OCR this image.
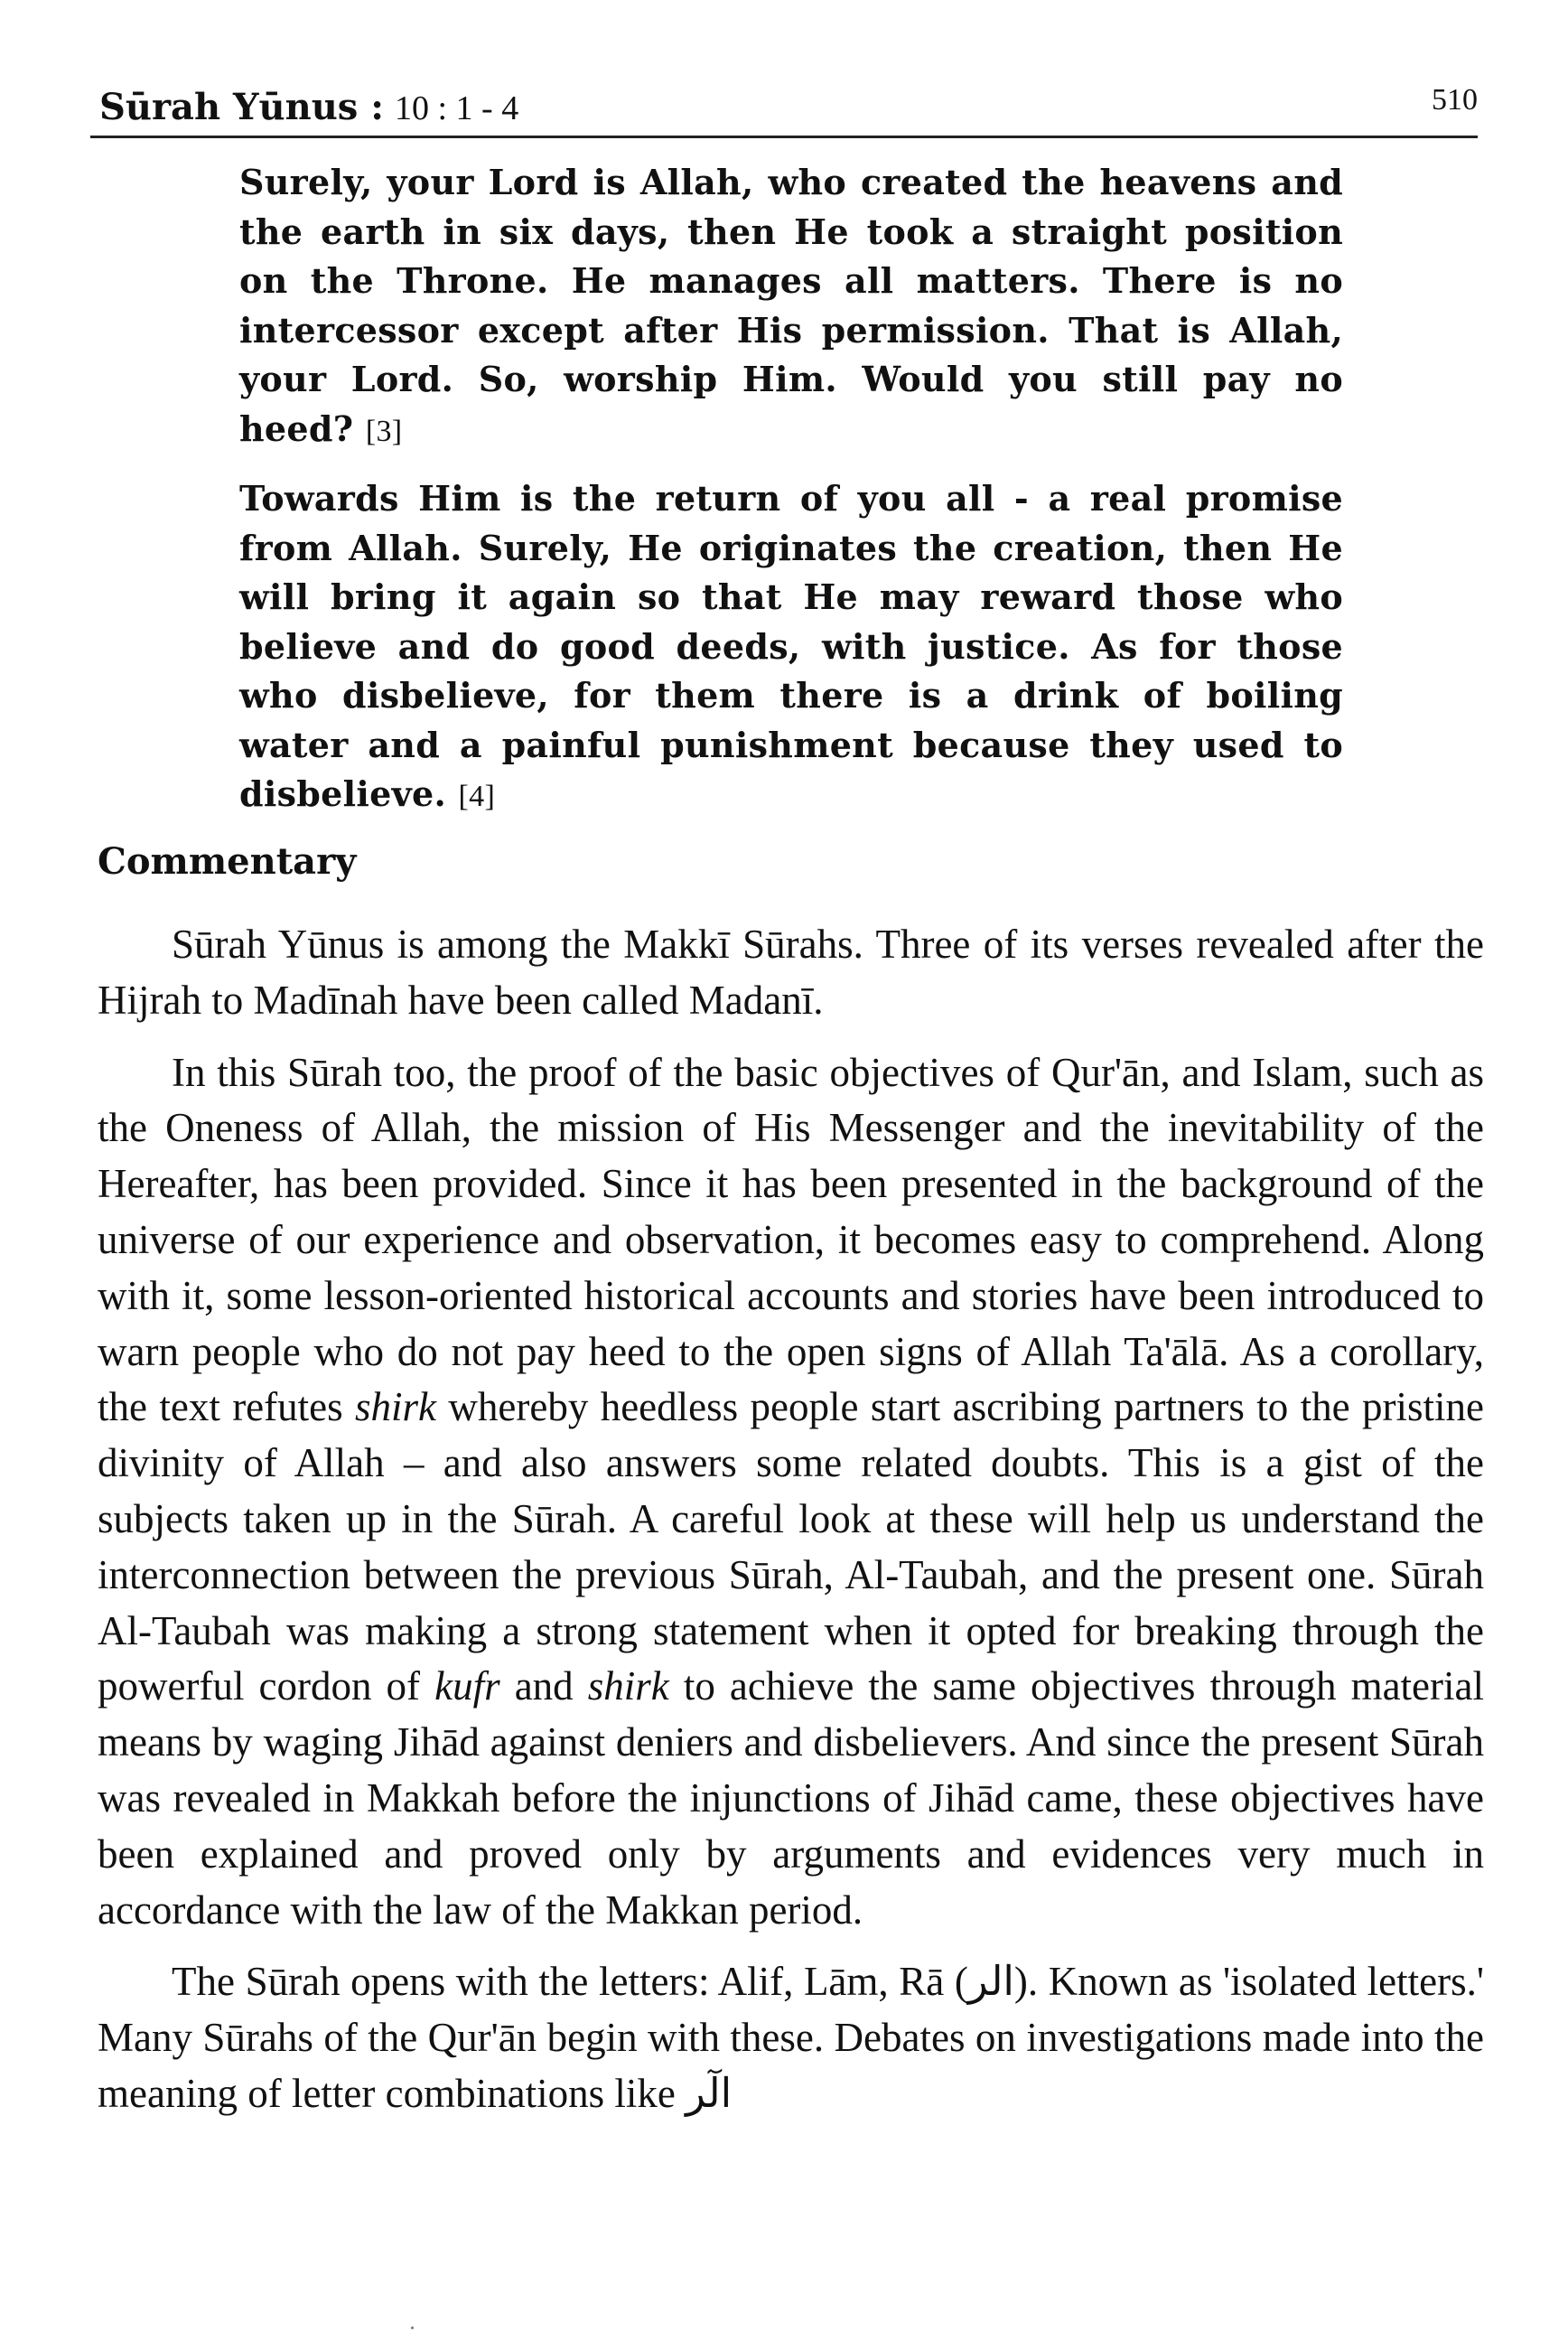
Sūrah Yūnus : 10 : 1 - 4	510

Surely, your Lord is Allah, who created the heavens and the earth in six days, then He took a straight position on the Throne. He manages all matters. There is no intercessor except after His permission. That is Allah, your Lord. So, worship Him. Would you still pay no heed? [3]

Towards Him is the return of you all - a real promise from Allah. Surely, He originates the creation, then He will bring it again so that He may reward those who believe and do good deeds, with justice. As for those who disbelieve, for them there is a drink of boiling water and a painful punishment because they used to disbelieve. [4]

Commentary

Sūrah Yūnus is among the Makkī Sūrahs. Three of its verses revealed after the Hijrah to Madīnah have been called Madanī.

In this Sūrah too, the proof of the basic objectives of Qur'ān, and Islam, such as the Oneness of Allah, the mission of His Messenger and the inevitability of the Hereafter, has been provided. Since it has been presented in the background of the universe of our experience and observation, it becomes easy to comprehend. Along with it, some lesson-oriented historical accounts and stories have been introduced to warn people who do not pay heed to the open signs of Allah Ta'ālā. As a corollary, the text refutes shirk whereby heedless people start ascribing partners to the pristine divinity of Allah – and also answers some related doubts. This is a gist of the subjects taken up in the Sūrah. A careful look at these will help us understand the interconnection between the previous Sūrah, Al-Taubah, and the present one. Sūrah Al-Taubah was making a strong statement when it opted for breaking through the powerful cordon of kufr and shirk to achieve the same objectives through material means by waging Jihād against deniers and disbelievers. And since the present Sūrah was revealed in Makkah before the injunctions of Jihād came, these objectives have been explained and proved only by arguments and evidences very much in accordance with the law of the Makkan period.

The Sūrah opens with the letters: Alif, Lām, Rā (الر). Known as 'isolated letters.' Many Sūrahs of the Qur'ān begin with these. Debates on investigations made into the meaning of letter combinations like الٓر
